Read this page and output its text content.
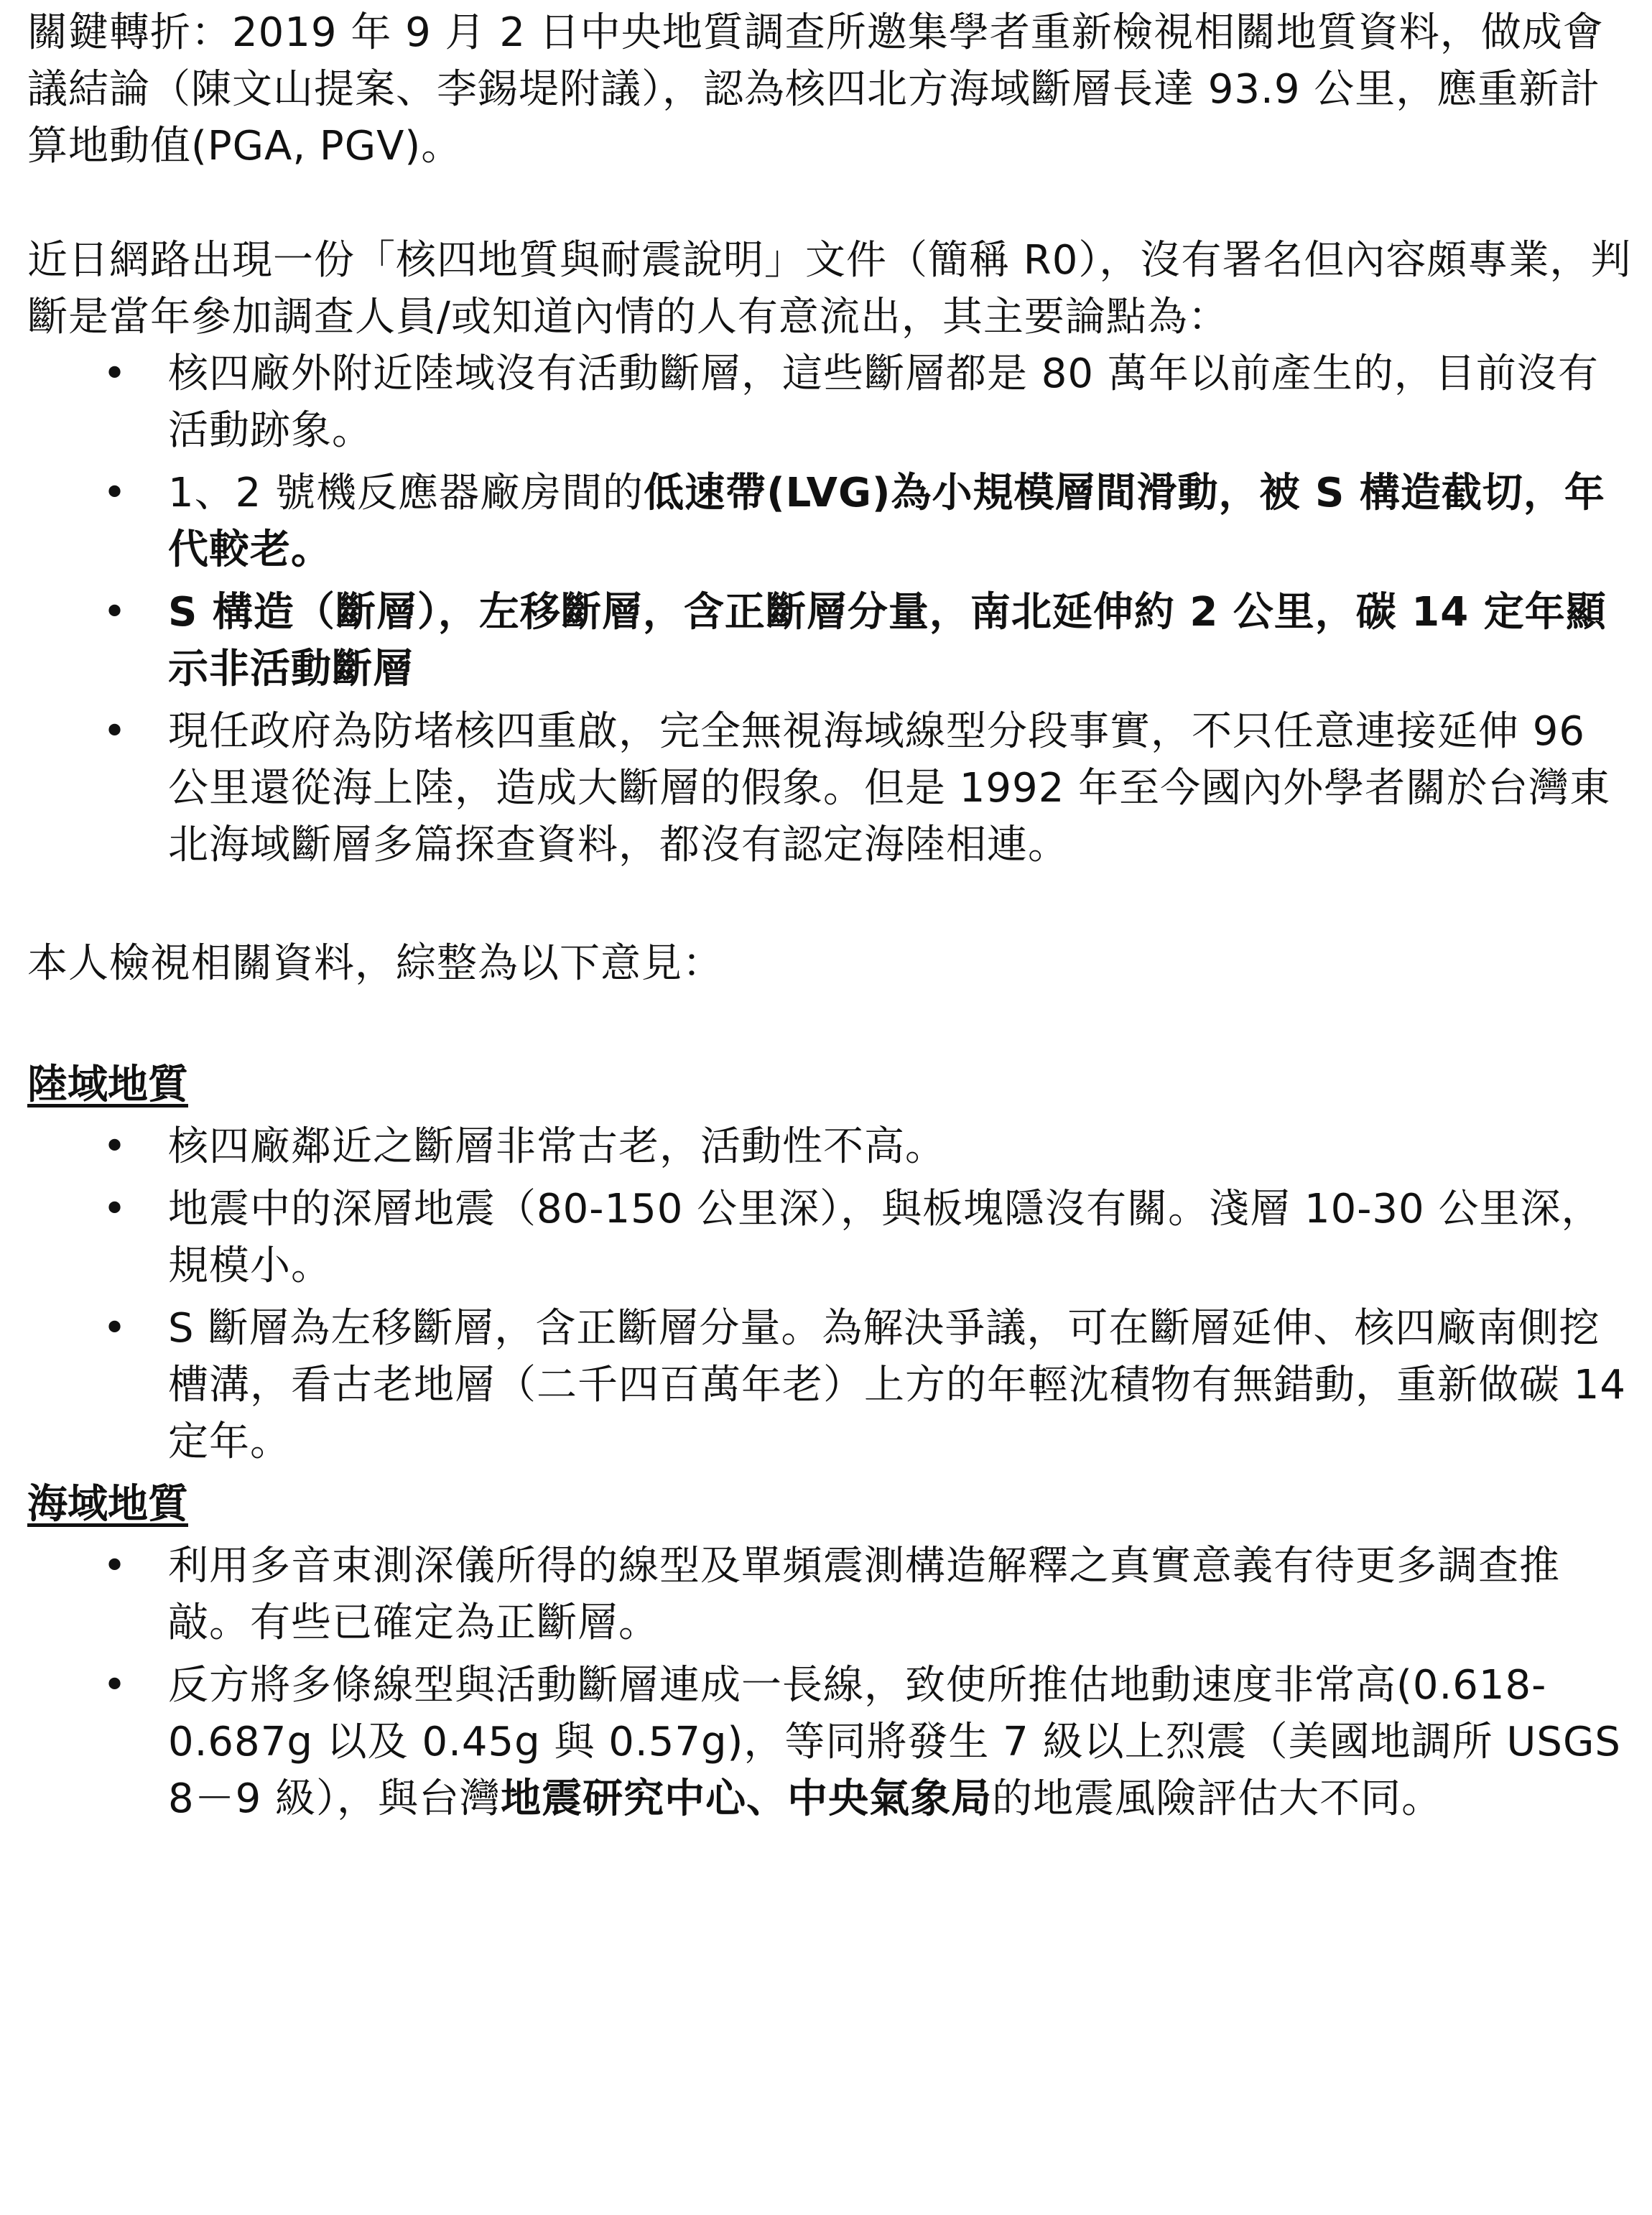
關鍵轉折：2019 年 9 月 2 日中央地質調查所邀集學者重新檢視相關地質資料，做成會議結論（陳文山提案、李錫堤附議），認為核四北方海域斷層長達 93.9 公里，應重新計算地動值(PGA, PGV)。

近日網路出現一份「核四地質與耐震說明」文件（簡稱 R0），沒有署名但內容頗專業，判斷是當年參加調查人員/或知道內情的人有意流出，其主要論點為：

• 核四廠外附近陸域沒有活動斷層，這些斷層都是 80 萬年以前產生的，目前沒有活動跡象。
• 1、2 號機反應器廠房間的低速帶(LVG)為小規模層間滑動，被 S 構造截切，年代較老。
• S 構造（斷層），左移斷層，含正斷層分量，南北延伸約 2 公里，碳 14 定年顯示非活動斷層
• 現任政府為防堵核四重啟，完全無視海域線型分段事實，不只任意連接延伸 96 公里還從海上陸，造成大斷層的假象。但是 1992 年至今國內外學者關於台灣東北海域斷層多篇探查資料，都沒有認定海陸相連。

本人檢視相關資料，綜整為以下意見：

陸域地質

• 核四廠鄰近之斷層非常古老，活動性不高。
• 地震中的深層地震（80-150 公里深），與板塊隱沒有關。淺層 10-30 公里深，規模小。
• S 斷層為左移斷層，含正斷層分量。為解決爭議，可在斷層延伸、核四廠南側挖槽溝，看古老地層（二千四百萬年老）上方的年輕沈積物有無錯動，重新做碳 14 定年。

海域地質

• 利用多音束測深儀所得的線型及單頻震測構造解釋之真實意義有待更多調查推敲。有些已確定為正斷層。
• 反方將多條線型與活動斷層連成一長線，致使所推估地動速度非常高(0.618-0.687g 以及 0.45g 與 0.57g)，等同將發生 7 級以上烈震（美國地調所 USGS 8－9 級），與台灣地震研究中心、中央氣象局的地震風險評估大不同。
